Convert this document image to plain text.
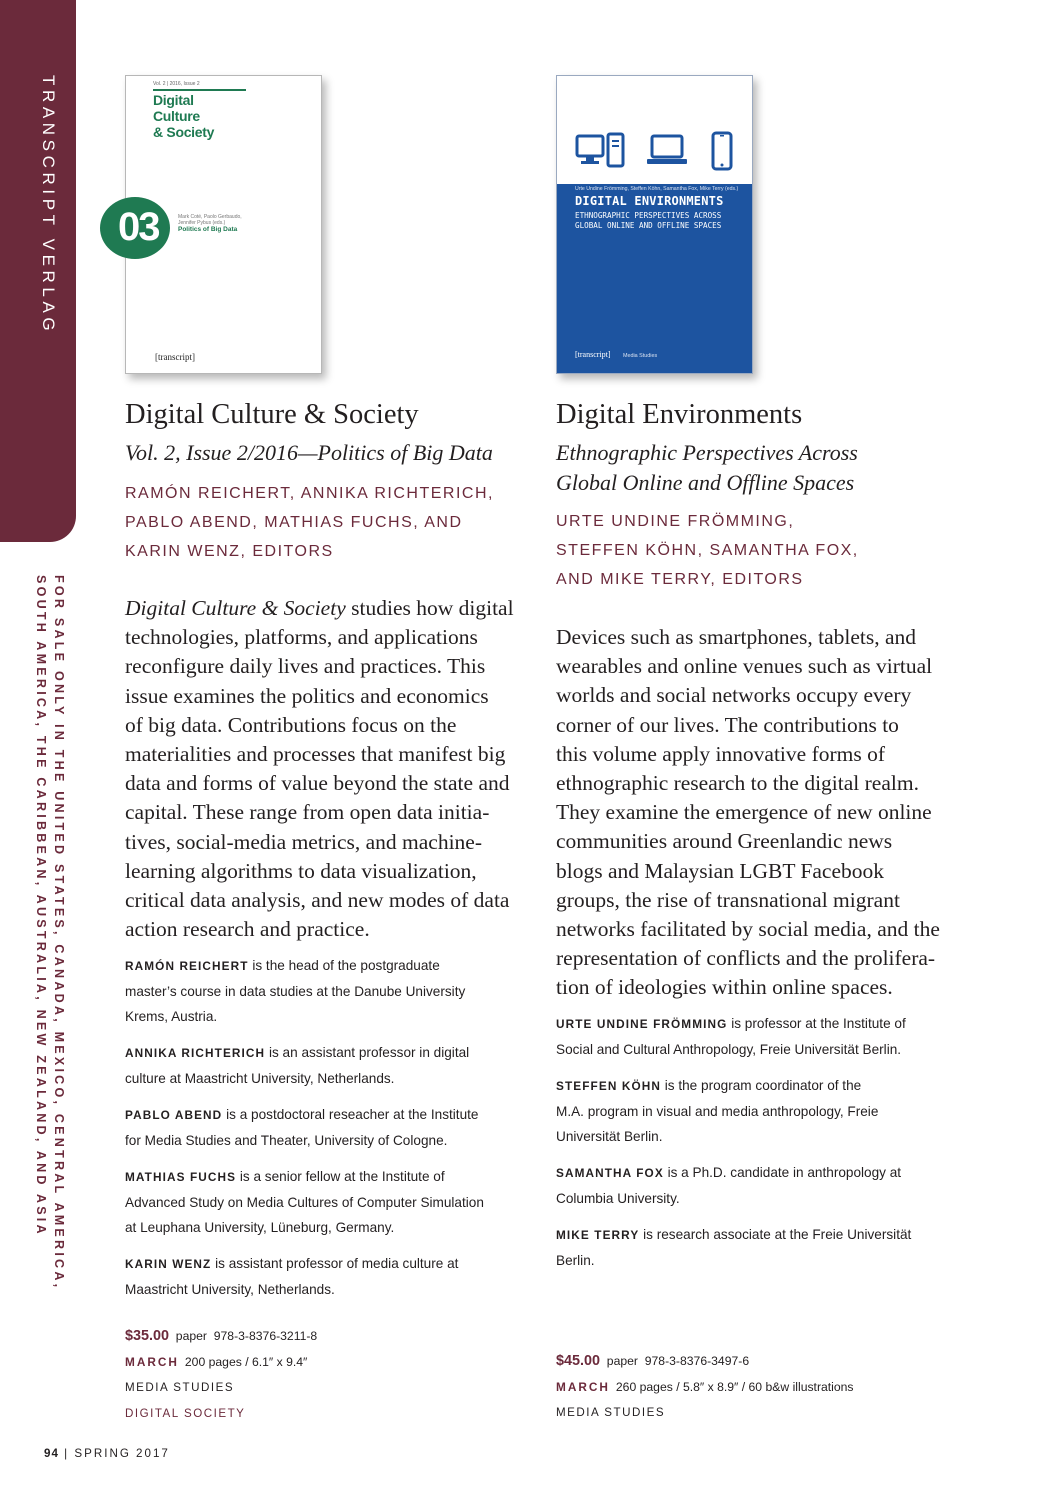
TRANSCRIPT VERLAG
FOR SALE ONLY IN THE UNITED STATES, CANADA, MEXICO, CENTRAL AMERICA,
SOUTH AMERICA, THE CARIBBEAN, AUSTRALIA, NEW ZEALAND, AND ASIA
Vol. 2 | 2016, Issue 2
Digital
Culture
& Society
03	Mark Coté, Paolo Gerbaudo,
Jennifer Pybus (eds.)
Politics of Big Data
[transcript]
Digital Culture & Society
Vol. 2, Issue 2/2016—Politics of Big Data
RAMÓN REICHERT, ANNIKA RICHTERICH,
PABLO ABEND, MATHIAS FUCHS, AND
KARIN WENZ, EDITORS
Digital Culture & Society studies how digital
technologies, platforms, and applications
reconfigure daily lives and practices. This
issue examines the politics and economics
of big data. Contributions focus on the
materialities and processes that manifest big
data and forms of value beyond the state and
capital. These range from open data initia-
tives, social-media metrics, and machine-
learning algorithms to data visualization,
critical data analysis, and new modes of data
action research and practice.
RAMÓN REICHERT is the head of the postgraduate
master’s course in data studies at the Danube University
Krems, Austria.
ANNIKA RICHTERICH is an assistant professor in digital
culture at Maastricht University, Netherlands.
PABLO ABEND is a postdoctoral reseacher at the Institute
for Media Studies and Theater, University of Cologne.
MATHIAS FUCHS is a senior fellow at the Institute of
Advanced Study on Media Cultures of Computer Simulation
at Leuphana University, Lüneburg, Germany.
KARIN WENZ is assistant professor of media culture at
Maastricht University, Netherlands.
$35.00 paper 978-3-8376-3211-8
MARCH 200 pages / 6.1″ x 9.4″
MEDIA STUDIES
DIGITAL SOCIETY
Urte Undine Frömming, Steffen Köhn, Samantha Fox, Mike Terry (eds.)
DIGITAL ENVIRONMENTS
ETHNOGRAPHIC PERSPECTIVES ACROSS
GLOBAL ONLINE AND OFFLINE SPACES
[transcript] Media Studies
Digital Environments
Ethnographic Perspectives Across
Global Online and Offline Spaces
URTE UNDINE FRÖMMING,
STEFFEN KÖHN, SAMANTHA FOX,
AND MIKE TERRY, EDITORS
Devices such as smartphones, tablets, and
wearables and online venues such as virtual
worlds and social networks occupy every
corner of our lives. The contributions to
this volume apply innovative forms of
ethnographic research to the digital realm.
They examine the emergence of new online
communities around Greenlandic news
blogs and Malaysian LGBT Facebook
groups, the rise of transnational migrant
networks facilitated by social media, and the
representation of conflicts and the prolifera-
tion of ideologies within online spaces.
URTE UNDINE FRÖMMING is professor at the Institute of
Social and Cultural Anthropology, Freie Universität Berlin.
STEFFEN KÖHN is the program coordinator of the
M.A. program in visual and media anthropology, Freie
Universität Berlin.
SAMANTHA FOX is a Ph.D. candidate in anthropology at
Columbia University.
MIKE TERRY is research associate at the Freie Universität
Berlin.
$45.00 paper 978-3-8376-3497-6
MARCH 260 pages / 5.8″ x 8.9″ / 60 b&w illustrations
MEDIA STUDIES
94 | SPRING 2017
